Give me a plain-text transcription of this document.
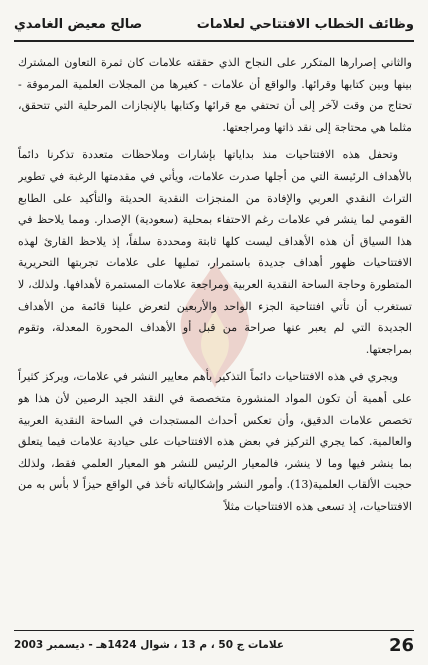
وظائف الخطاب الافتتاحي لعلامات
صالح معيض الغامدي

والثاني إصرارها المتكرر على النجاح الذي حققته علامات كان ثمرة التعاون المشترك بينها وبين كتابها وقرائها. والواقع أن علامات - كغيرها من المجلات العلمية المرموقة - تحتاج من وقت لآخر إلى أن تحتفي مع قرائها وكتابها بالإنجازات المرحلية التي تتحقق، مثلما هي محتاجة إلى نقد ذاتها ومراجعتها.

وتحفل هذه الافتتاحيات منذ بداياتها بإشارات وملاحظات متعددة تذكرنا دائماً بالأهداف الرئيسة التي من أجلها صدرت علامات، ويأتي في مقدمتها الرغبة في تطوير التراث النقدي العربي والإفادة من المنجزات النقدية الحديثة والتأكيد على الطابع القومي لما ينشر في علامات رغم الاحتفاء بمحلية (سعودية) الإصدار. ومما يلاحظ في هذا السياق أن هذه الأهداف ليست كلها ثابتة ومحددة سلفاً، إذ يلاحظ القارئ لهذه الافتتاحيات ظهور أهداف جديدة باستمرار، تمليها على علامات تجربتها التحريرية المتطورة وحاجة الساحة النقدية العربية ومراجعة علامات المستمرة لأهدافها. ولذلك، لا تستغرب أن تأتي افتتاحية الجزء الواحد والأربعين لتعرض علينا قائمة من الأهداف الجديدة التي لم يعبر عنها صراحة من قبل أو الأهداف المحورة المعدلة، وتقوم بمراجعتها.

ويجري في هذه الافتتاحيات دائماً التذكير بأهم معايير النشر في علامات، ويركز كثيراً على أهمية أن تكون المواد المنشورة متخصصة في النقد الجيد الرصين لأن هذا هو تخصص علامات الدقيق، وأن تعكس أحداث المستجدات في الساحة النقدية العربية والعالمية. كما يجري التركيز في بعض هذه الافتتاحيات على حيادية علامات فيما يتعلق بما ينشر فيها وما لا ينشر، فالمعيار الرئيس للنشر هو المعيار العلمي فقط، ولذلك حجبت الألقاب العلمية(13). وأمور النشر وإشكالياته تأخذ في الواقع حيزاً لا بأس به من الافتتاحيات، إذ تسعى هذه الافتتاحيات مثلاً

26
علامات ج 50 ، م 13 ، شوال 1424هـ - ديسمبر 2003
